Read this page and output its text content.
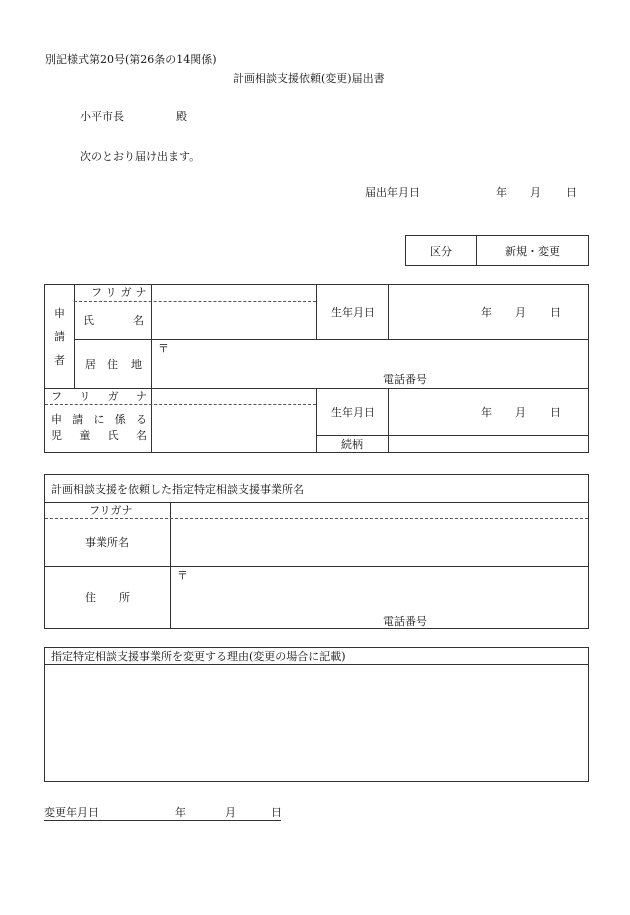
別記様式第20号(第26条の14関係)
計画相談支援依頼(変更)届出書
小平市長	殿
次のとおり届け出ます。
届出年月日	年 月 日
区分	新規・変更
申
請
者
フリガナ
氏	名
生年月日	年 月 日
居 住 地
〒
電話番号
フ リ ガ ナ
申 請 に 係 る
児 童 氏 名
生年月日	年 月 日
続柄
計画相談支援を依頼した指定特定相談支援事業所名
フリガナ
事業所名
住 所
〒
電話番号
指定特定相談支援事業所を変更する理由(変更の場合に記載)
変更年月日	年	月	日
